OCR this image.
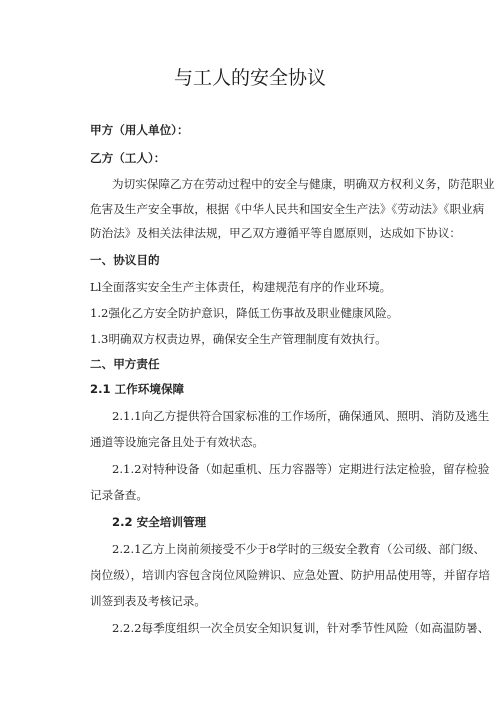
与工人的安全协议

甲方（用人单位）：

乙方（工人）：

为切实保障乙方在劳动过程中的安全与健康，明确双方权利义务，防范职业

危害及生产安全事故，根据《中华人民共和国安全生产法》《劳动法》《职业病

防治法》及相关法律法规，甲乙双方遵循平等自愿原则，达成如下协议：

一、协议目的

Ll全面落实安全生产主体责任，构建规范有序的作业环境。

1.2强化乙方安全防护意识，降低工伤事故及职业健康风险。

1.3明确双方权责边界，确保安全生产管理制度有效执行。

二、甲方责任

2.1 工作环境保障

2.1.1向乙方提供符合国家标准的工作场所，确保通风、照明、消防及逃生

通道等设施完备且处于有效状态。

2.1.2对特种设备（如起重机、压力容器等）定期进行法定检验，留存检验

记录备查。

2.2 安全培训管理

2.2.1乙方上岗前须接受不少于8学时的三级安全教育（公司级、部门级、

岗位级），培训内容包含岗位风险辨识、应急处置、防护用品使用等，并留存培

训签到表及考核记录。

2.2.2每季度组织一次全员安全知识复训，针对季节性风险（如高温防暑、
